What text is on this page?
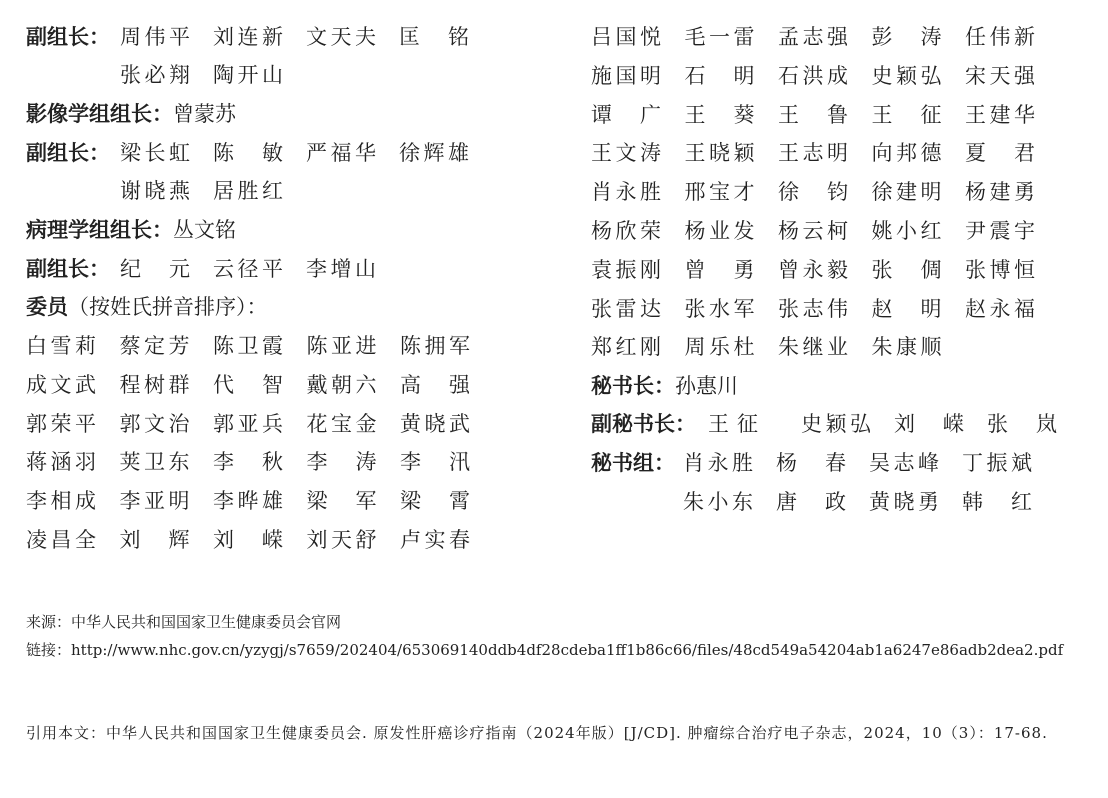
副组长： 周伟平 刘连新 文天夫 匡 铭
张必翔 陶开山
影像学组组长：曾蒙苏
副组长： 梁长虹 陈 敏 严福华 徐辉雄
谢晓燕 居胜红
病理学组组长：丛文铭
副组长： 纪 元 云径平 李增山
委员（按姓氏拼音排序）：
白雪莉 蔡定芳 陈卫霞 陈亚进 陈拥军
成文武 程树群 代 智 戴朝六 高 强
郭荣平 郭文治 郭亚兵 花宝金 黄晓武
蒋涵羽 荚卫东 李 秋 李 涛 李 汛
李相成 李亚明 李晔雄 梁 军 梁 霄
凌昌全 刘 辉 刘 嵘 刘天舒 卢实春
吕国悦 毛一雷 孟志强 彭 涛 任伟新
施国明 石 明 石洪成 史颖弘 宋天强
谭 广 王 葵 王 鲁 王 征 王建华
王文涛 王晓颖 王志明 向邦德 夏 君
肖永胜 邢宝才 徐 钧 徐建明 杨建勇
杨欣荣 杨业发 杨云柯 姚小红 尹震宇
袁振刚 曾 勇 曾永毅 张 倜 张博恒
张雷达 张水军 张志伟 赵 明 赵永福
郑红刚 周乐杜 朱继业 朱康顺
秘书长：孙惠川
副秘书长： 王 征 史颖弘 刘 嵘 张 岚
秘书组： 肖永胜 杨 春 吴志峰 丁振斌
朱小东 唐 政 黄晓勇 韩 红
来源：中华人民共和国国家卫生健康委员会官网
链接：http://www.nhc.gov.cn/yzygj/s7659/202404/653069140ddb4df28cdeba1ff1b86c66/files/48cd549a54204ab1a6247e86adb2dea2.pdf
引用本文：中华人民共和国国家卫生健康委员会. 原发性肝癌诊疗指南（2024年版）[J/CD]. 肿瘤综合治疗电子杂志，2024，10（3）：17-68.
